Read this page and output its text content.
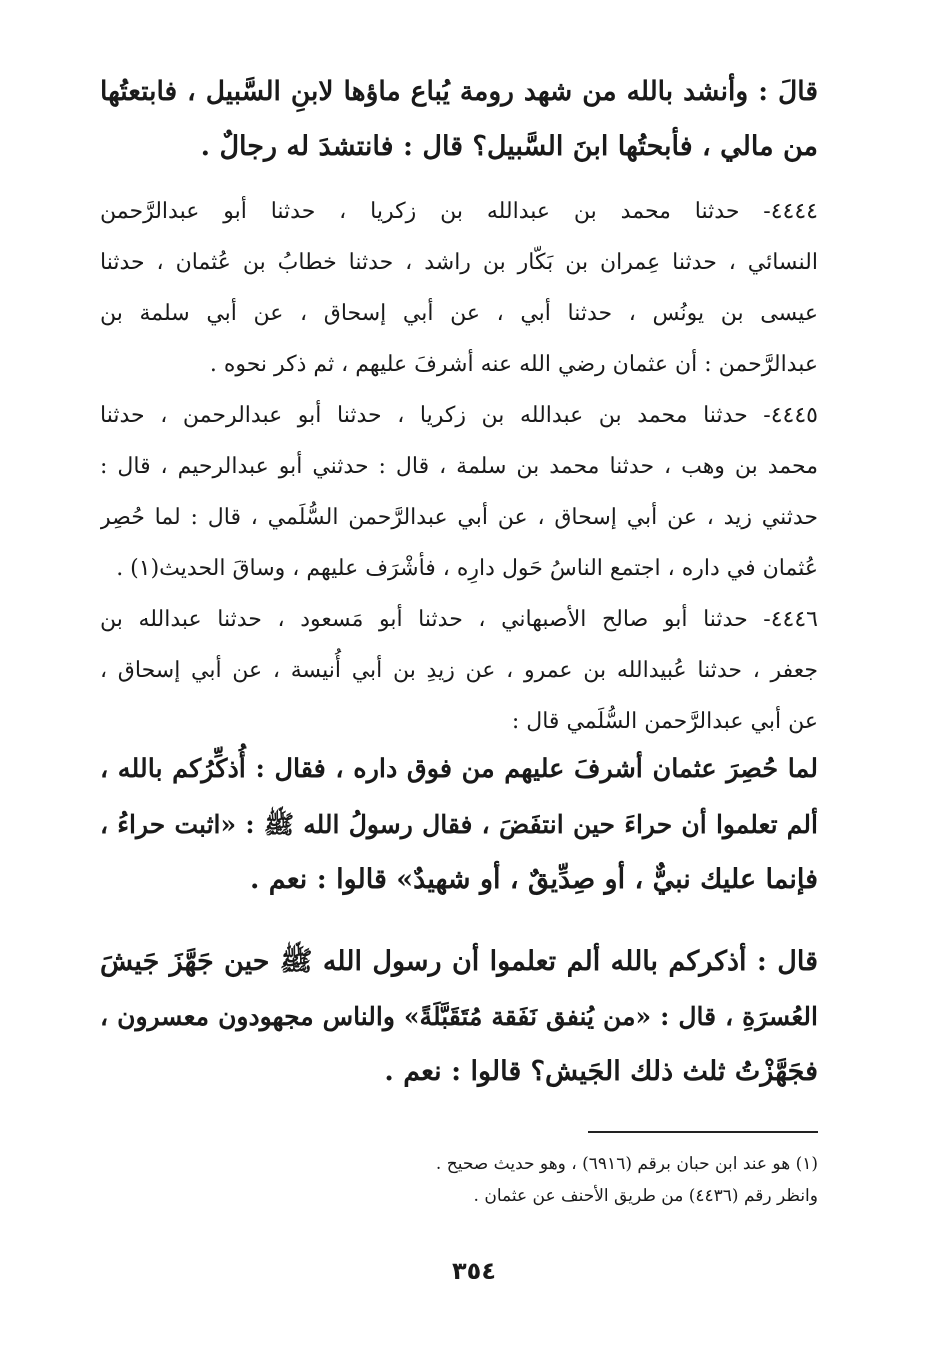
قالَ : وأنشد بالله من شهد رومة يُباع ماؤها لابنِ السَّبيل ، فابتعتُها
من مالي ، فأبحتُها ابنَ السَّبيل؟ قال : فانتشدَ له رجالٌ .
٤٤٤٤- حدثنا محمد بن عبدالله بن زكريا ، حدثنا أبو عبدالرَّحمن
النسائي ، حدثنا عِمران بن بَكّار بن راشد ، حدثنا خطابُ بن عُثمان ، حدثنا
عيسى بن يونُس ، حدثنا أبي ، عن أبي إسحاق ، عن أبي سلمة بن
عبدالرَّحمن : أن عثمان رضي الله عنه أشرفَ عليهم ، ثم ذكر نحوه .
٤٤٤٥- حدثنا محمد بن عبدالله بن زكريا ، حدثنا أبو عبدالرحمن ، حدثنا
محمد بن وهب ، حدثنا محمد بن سلمة ، قال : حدثني أبو عبدالرحيم ، قال :
حدثني زيد ، عن أبي إسحاق ، عن أبي عبدالرَّحمن السُّلَمي ، قال : لما حُصِر
عُثمان في داره ، اجتمع الناسُ حَول دارِه ، فأشْرَف عليهم ، وساقَ الحديث(١) .
٤٤٤٦- حدثنا أبو صالح الأصبهاني ، حدثنا أبو مَسعود ، حدثنا عبدالله بن
جعفر ، حدثنا عُبيدالله بن عمرو ، عن زيدِ بن أبي أُنيسة ، عن أبي إسحاق ،
عن أبي عبدالرَّحمن السُّلَمي قال :
لما حُصِرَ عثمان أشرفَ عليهم من فوق داره ، فقال : أُذكِّرُكم بالله ،
ألم تعلموا أن حراءَ حين انتفَضَ ، فقال رسولُ الله ﷺ : «اثبت حراءُ ،
فإنما عليك نبيٌّ ، أو صِدِّيقٌ ، أو شهيدٌ» قالوا : نعم .
قال : أذكركم بالله ألم تعلموا أن رسول الله ﷺ حين جَهَّزَ جَيشَ
العُسرَةِ ، قال : «من يُنفق نَفَقة مُتَقَبَّلَةً» والناس مجهودون معسرون ،
فجَهَّزْتُ ثلث ذلك الجَيش؟ قالوا : نعم .
(١) هو عند ابن حبان برقم (٦٩١٦) ، وهو حديث صحيح .
وانظر رقم (٤٤٣٦) من طريق الأحنف عن عثمان .
٣٥٤
